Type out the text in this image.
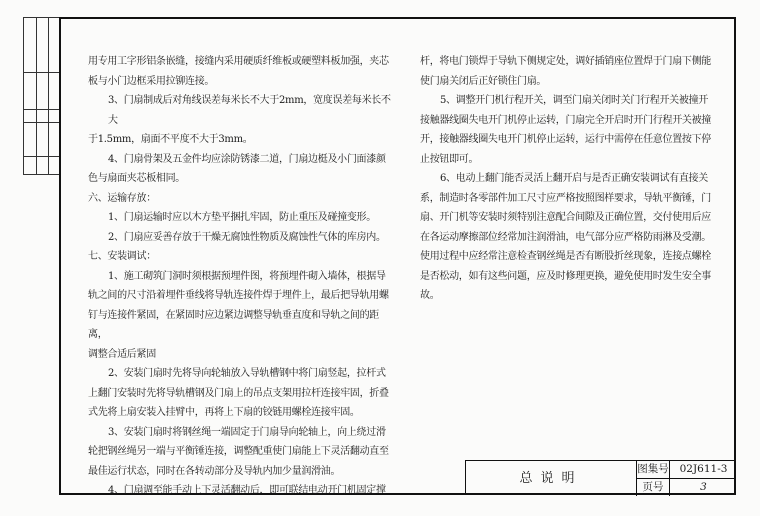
用专用工字形铝条嵌缝，接缝内采用硬质纤维板或硬塑料板加强，夹芯
板与小门边框采用拉铆连接。
3、门扇制成后对角线误差每米长不大于2mm，宽度误差每米长不大
于1.5mm，扇面不平度不大于3mm。
4、门扇骨架及五金件均应涂防锈漆二道，门扇边梃及小门面漆颜
色与扇面夹芯板相同。
六、运输存放：
1、门扇运输时应以木方垫平捆扎牢固，防止重压及碰撞变形。
2、门扇应妥善存放于干燥无腐蚀性物质及腐蚀性气体的库房内。
七、安装调试：
1、施工砌筑门洞时须根据预埋件图，将预埋件砌入墙体，根据导
轨之间的尺寸沿着埋件垂线将导轨连接件焊于埋件上，最后把导轨用螺
钉与连接件紧固，在紧固时应边紧边调整导轨垂直度和导轨之间的距离，
调整合适后紧固
2、安装门扇时先将导向轮轴放入导轨槽钢中将门扇竖起，拉杆式
上翻门安装时先将导轨槽钢及门扇上的吊点支架用拉杆连接牢固，折叠
式先将上扇安装入挂臂中，再将上下扇的铰链用螺栓连接牢固。
3、安装门扇时将钢丝绳一端固定于门扇导向轮轴上，向上绕过滑
轮把钢丝绳另一端与平衡锤连接，调整配重使门扇能上下灵活翻动直至
最佳运行状态，同时在各转动部分及导轨内加少量润滑油。
4、门扇调至能手动上下灵活翻动后，即可联结电动开门机固定撑
杆，将电门锁焊于导轨下侧规定处，调好插销座位置焊于门扇下侧能
使门扇关闭后正好锁住门扇。
5、调整开门机行程开关，调至门扇关闭时关门行程开关被撞开
接触器线圈失电开门机停止运转，门扇完全开启时开门行程开关被撞
开，接触器线圈失电开门机停止运转，运行中需停在任意位置按下停
止按钮即可。
6、电动上翻门能否灵活上翻开启与是否正确安装调试有直接关
系，制造时各零部件加工尺寸应严格按照图样要求，导轨平衡锤，门
扇、开门机等安装时须特别注意配合间隙及正确位置，交付使用后应
在各运动摩擦部位经常加注润滑油，电气部分应严格防雨淋及受潮。
使用过程中应经常注意检查钢丝绳是否有断股折丝现象，连接点螺栓
是否松动，如有这些问题，应及时修理更换，避免使用时发生安全事
故。
总说明
图集号	02J611-3
页号	3
